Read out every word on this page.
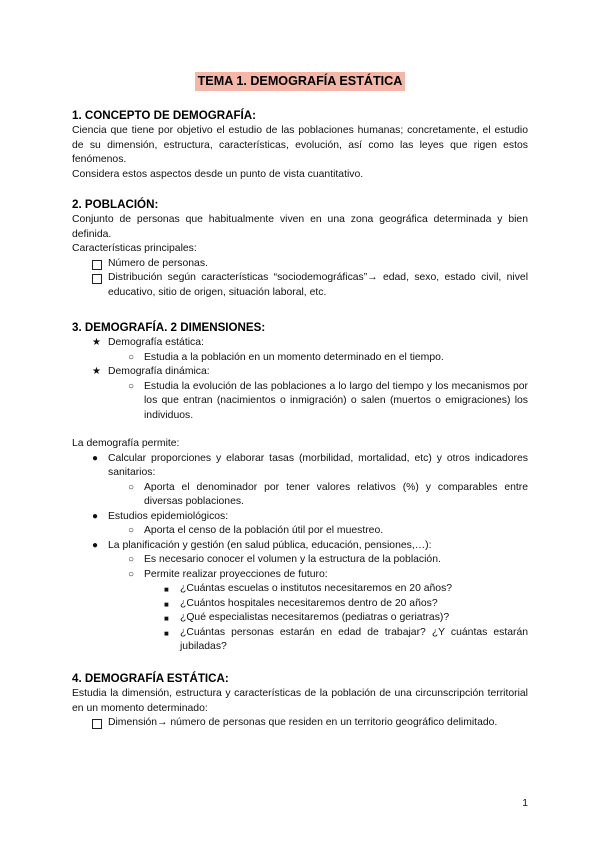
TEMA 1. DEMOGRAFÍA ESTÁTICA
1. CONCEPTO DE DEMOGRAFÍA:

Ciencia que tiene por objetivo el estudio de las poblaciones humanas; concretamente, el estudio de su dimensión, estructura, características, evolución, así como las leyes que rigen estos fenómenos.

Considera estos aspectos desde un punto de vista cuantitativo.

2. POBLACIÓN:

Conjunto de personas que habitualmente viven en una zona geográfica determinada y bien definida.

Características principales:

Número de personas.
Distribución según características “sociodemográficas”→ edad, sexo, estado civil, nivel educativo, sitio de origen, situación laboral, etc.
3. DEMOGRAFÍA. 2 DIMENSIONES:
★ Demografía estática:
○ Estudia a la población en un momento determinado en el tiempo.
★ Demografía dinámica:
○ Estudia la evolución de las poblaciones a lo largo del tiempo y los mecanismos por los que entran (nacimientos o inmigración) o salen (muertos o emigraciones) los individuos.

La demografía permite:

● Calcular proporciones y elaborar tasas (morbilidad, mortalidad, etc) y otros indicadores sanitarios:
○ Aporta el denominador por tener valores relativos (%) y comparables entre diversas poblaciones.
● Estudios epidemiológicos:
○ Aporta el censo de la población útil por el muestreo.
● La planificación y gestión (en salud pública, educación, pensiones,…):
○ Es necesario conocer el volumen y la estructura de la población.
○ Permite realizar proyecciones de futuro:
■ ¿Cuántas escuelas o institutos necesitaremos en 20 años?
■ ¿Cuántos hospitales necesitaremos dentro de 20 años?
■ ¿Qué especialistas necesitaremos (pediatras o geriatras)?
■ ¿Cuántas personas estarán en edad de trabajar? ¿Y cuántas estarán jubiladas?
4. DEMOGRAFÍA ESTÁTICA:

Estudia la dimensión, estructura y características de la población de una circunscripción territorial en un momento determinado:

Dimensión→ número de personas que residen en un territorio geográfico delimitado.
1
